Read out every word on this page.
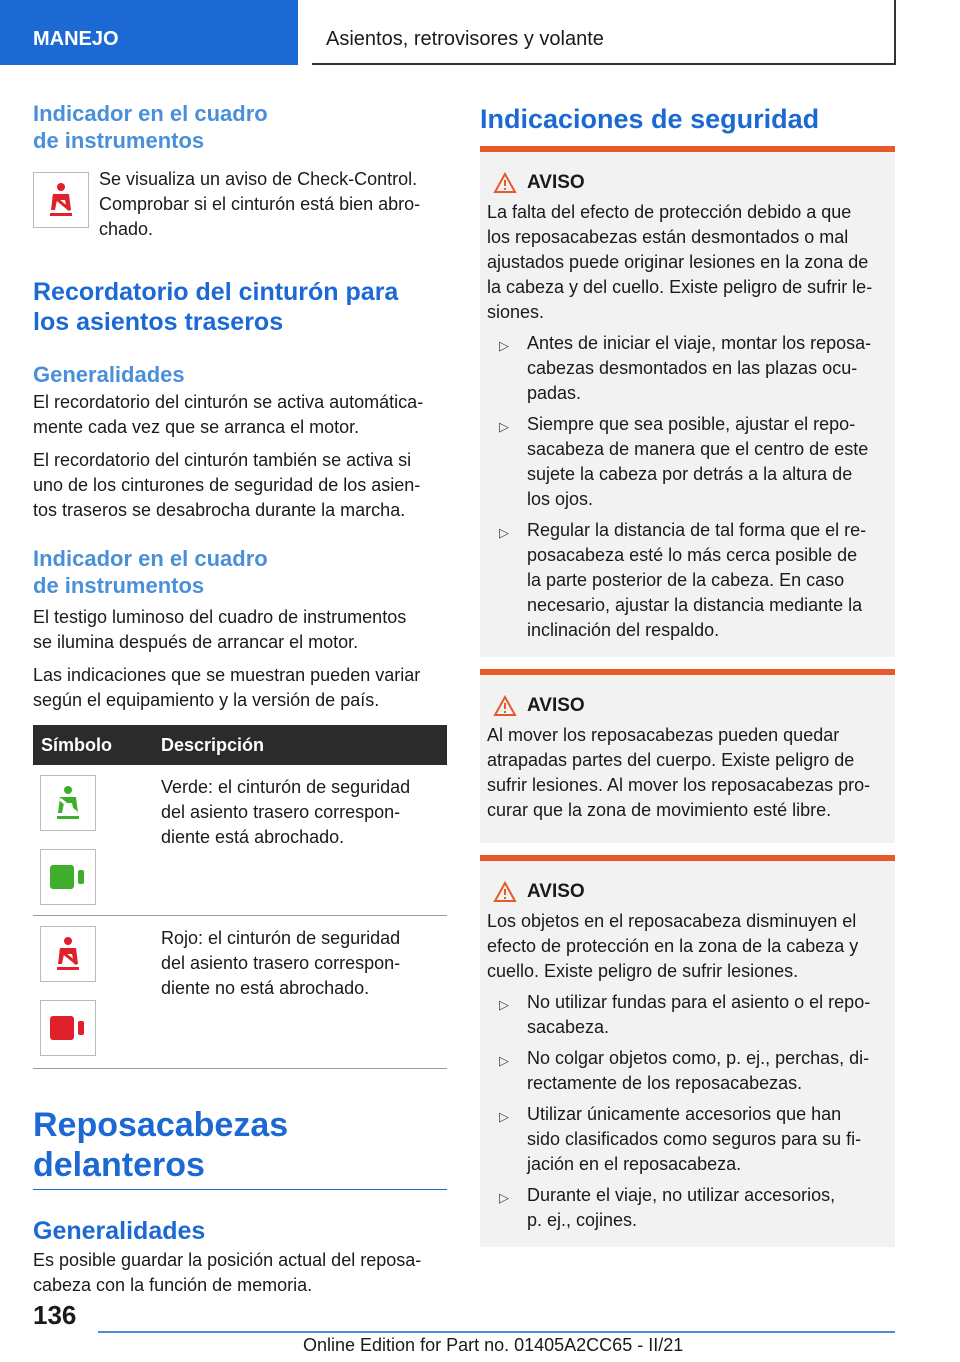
MANEJO	Asientos, retrovisores y volante
Indicador en el cuadro
de instrumentos
Se visualiza un aviso de Check-Control.
Comprobar si el cinturón está bien abro-
chado.
Recordatorio del cinturón para
los asientos traseros
Generalidades
El recordatorio del cinturón se activa automática-
mente cada vez que se arranca el motor.
El recordatorio del cinturón también se activa si
uno de los cinturones de seguridad de los asien-
tos traseros se desabrocha durante la marcha.
Indicador en el cuadro
de instrumentos
El testigo luminoso del cuadro de instrumentos
se ilumina después de arrancar el motor.
Las indicaciones que se muestran pueden variar
según el equipamiento y la versión de país.
Símbolo	Descripción

Verde: el cinturón de seguridad
del asiento trasero correspon-
diente está abrochado.

Rojo: el cinturón de seguridad
del asiento trasero correspon-
diente no está abrochado.
Reposacabezas delanteros
Generalidades
Es posible guardar la posición actual del reposa-
cabeza con la función de memoria.
Indicaciones de seguridad
AVISO
La falta del efecto de protección debido a que
los reposacabezas están desmontados o mal
ajustados puede originar lesiones en la zona de
la cabeza y del cuello. Existe peligro de sufrir le-
siones.
▷	Antes de iniciar el viaje, montar los reposa-
cabezas desmontados en las plazas ocu-
padas.
▷	Siempre que sea posible, ajustar el repo-
sacabeza de manera que el centro de este
sujete la cabeza por detrás a la altura de
los ojos.
▷	Regular la distancia de tal forma que el re-
posacabeza esté lo más cerca posible de
la parte posterior de la cabeza. En caso
necesario, ajustar la distancia mediante la
inclinación del respaldo.
AVISO
Al mover los reposacabezas pueden quedar
atrapadas partes del cuerpo. Existe peligro de
sufrir lesiones. Al mover los reposacabezas pro-
curar que la zona de movimiento esté libre.
AVISO
Los objetos en el reposacabeza disminuyen el
efecto de protección en la zona de la cabeza y
cuello. Existe peligro de sufrir lesiones.
▷	No utilizar fundas para el asiento o el repo-
sacabeza.
▷	No colgar objetos como, p. ej., perchas, di-
rectamente de los reposacabezas.
▷	Utilizar únicamente accesorios que han
sido clasificados como seguros para su fi-
jación en el reposacabeza.
▷	Durante el viaje, no utilizar accesorios,
p. ej., cojines.
136
Online Edition for Part no. 01405A2CC65 - II/21
